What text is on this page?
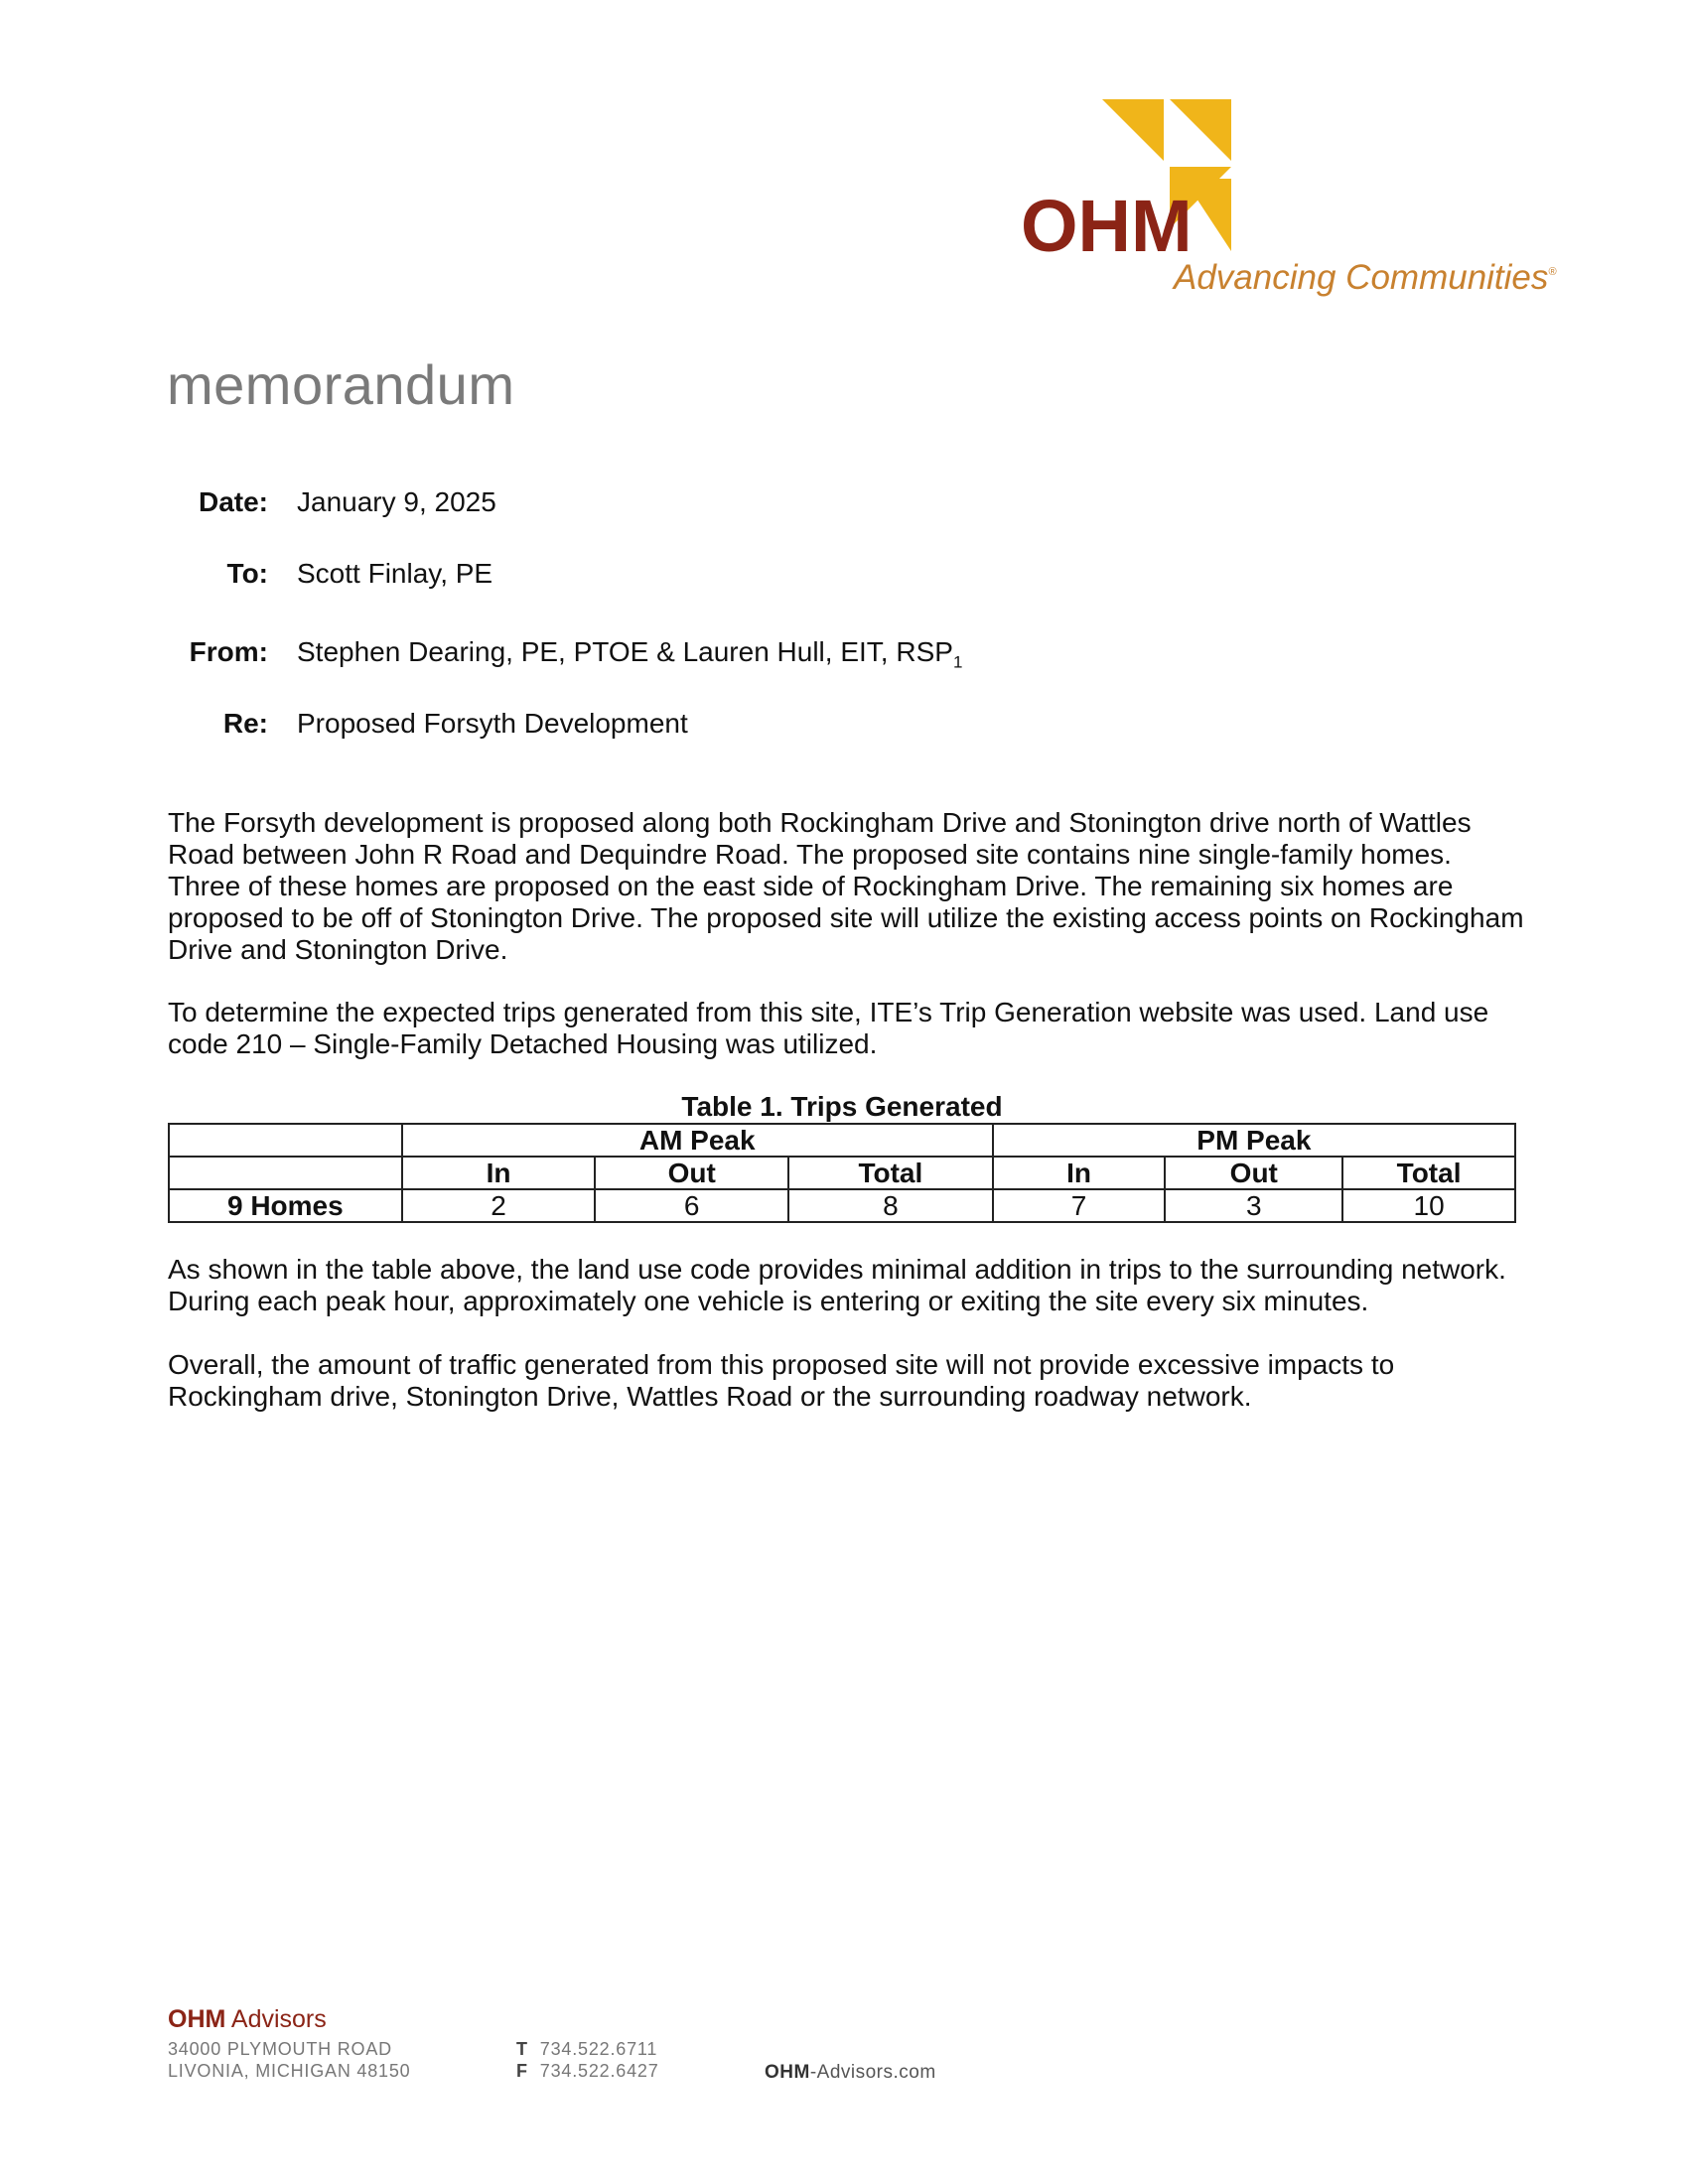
OHM
Advancing Communities®
memorandum
Date: January 9, 2025
To: Scott Finlay, PE
From: Stephen Dearing, PE, PTOE & Lauren Hull, EIT, $RSP_1$
Re: Proposed Forsyth Development
The Forsyth development is proposed along both Rockingham Drive and Stonington drive north of Wattles
Road between John R Road and Dequindre Road. The proposed site contains nine single-family homes.
Three of these homes are proposed on the east side of Rockingham Drive. The remaining six homes are
proposed to be off of Stonington Drive. The proposed site will utilize the existing access points on Rockingham
Drive and Stonington Drive.
To determine the expected trips generated from this site, ITE’s Trip Generation website was used. Land use
code 210 – Single-Family Detached Housing was utilized.
Table 1. Trips Generated
	AM Peak			PM Peak		
	In	Out	Total	In	Out	Total
9 Homes	2	6	8	7	3	10
As shown in the table above, the land use code provides minimal addition in trips to the surrounding network.
During each peak hour, approximately one vehicle is entering or exiting the site every six minutes.
Overall, the amount of traffic generated from this proposed site will not provide excessive impacts to
Rockingham drive, Stonington Drive, Wattles Road or the surrounding roadway network.
OHM Advisors
34000 PLYMOUTH ROAD
LIVONIA, MICHIGAN 48150
T 734.522.6711
F 734.522.6427	OHM-Advisors.com
